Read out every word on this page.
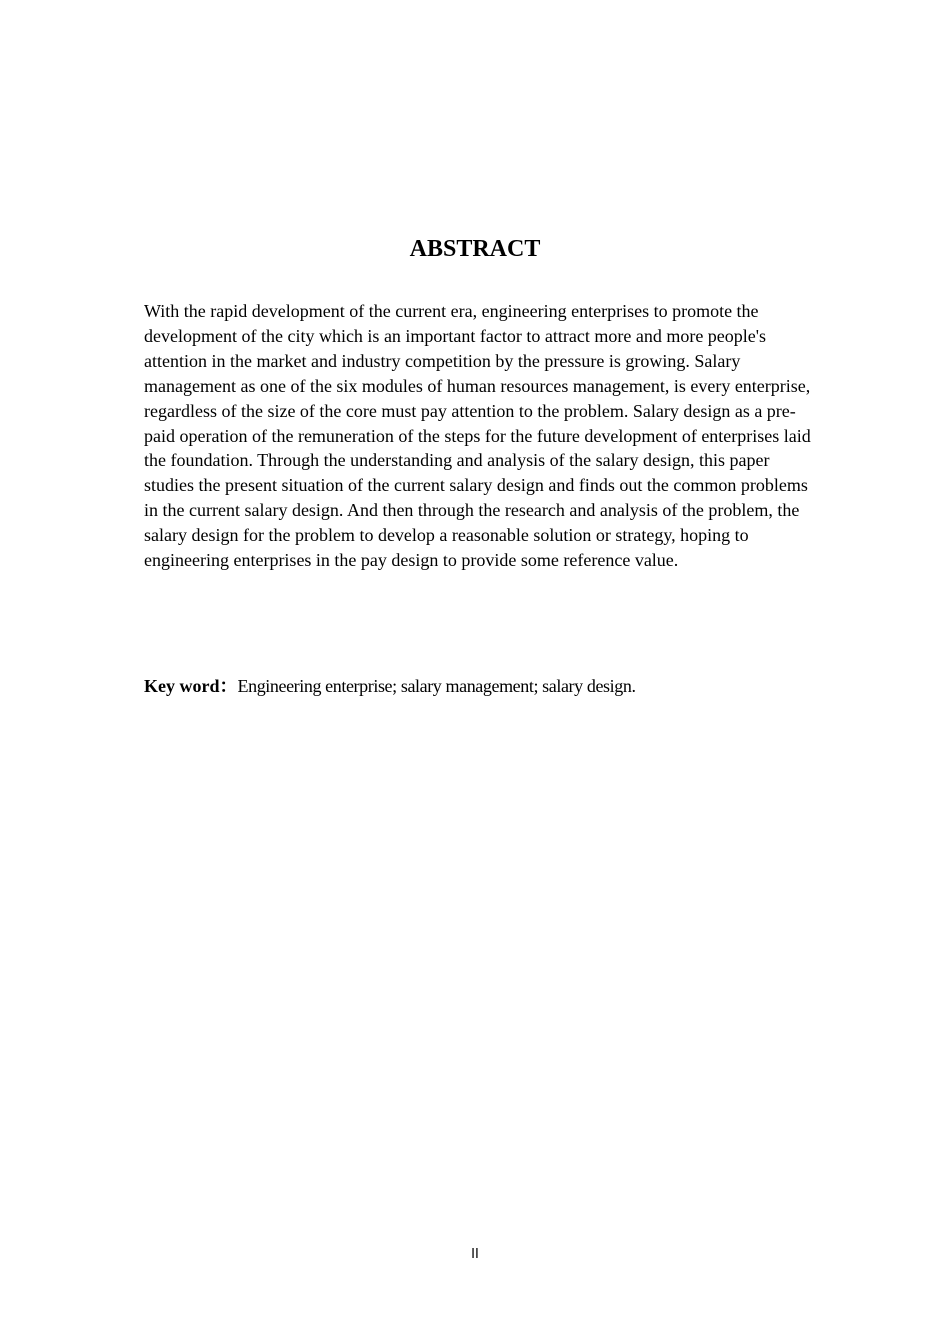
ABSTRACT

With the rapid development of the current era, engineering enterprises to promote the development of the city which is an important factor to attract more and more people's attention in the market and industry competition by the pressure is growing. Salary management as one of the six modules of human resources management, is every enterprise, regardless of the size of the core must pay attention to the problem. Salary design as a pre-paid operation of the remuneration of the steps for the future development of enterprises laid the foundation. Through the understanding and analysis of the salary design, this paper studies the present situation of the current salary design and finds out the common problems in the current salary design. And then through the research and analysis of the problem, the salary design for the problem to develop a reasonable solution or strategy, hoping to engineering enterprises in the pay design to provide some reference value.

Key word：Engineering enterprise; salary management; salary design.

II
